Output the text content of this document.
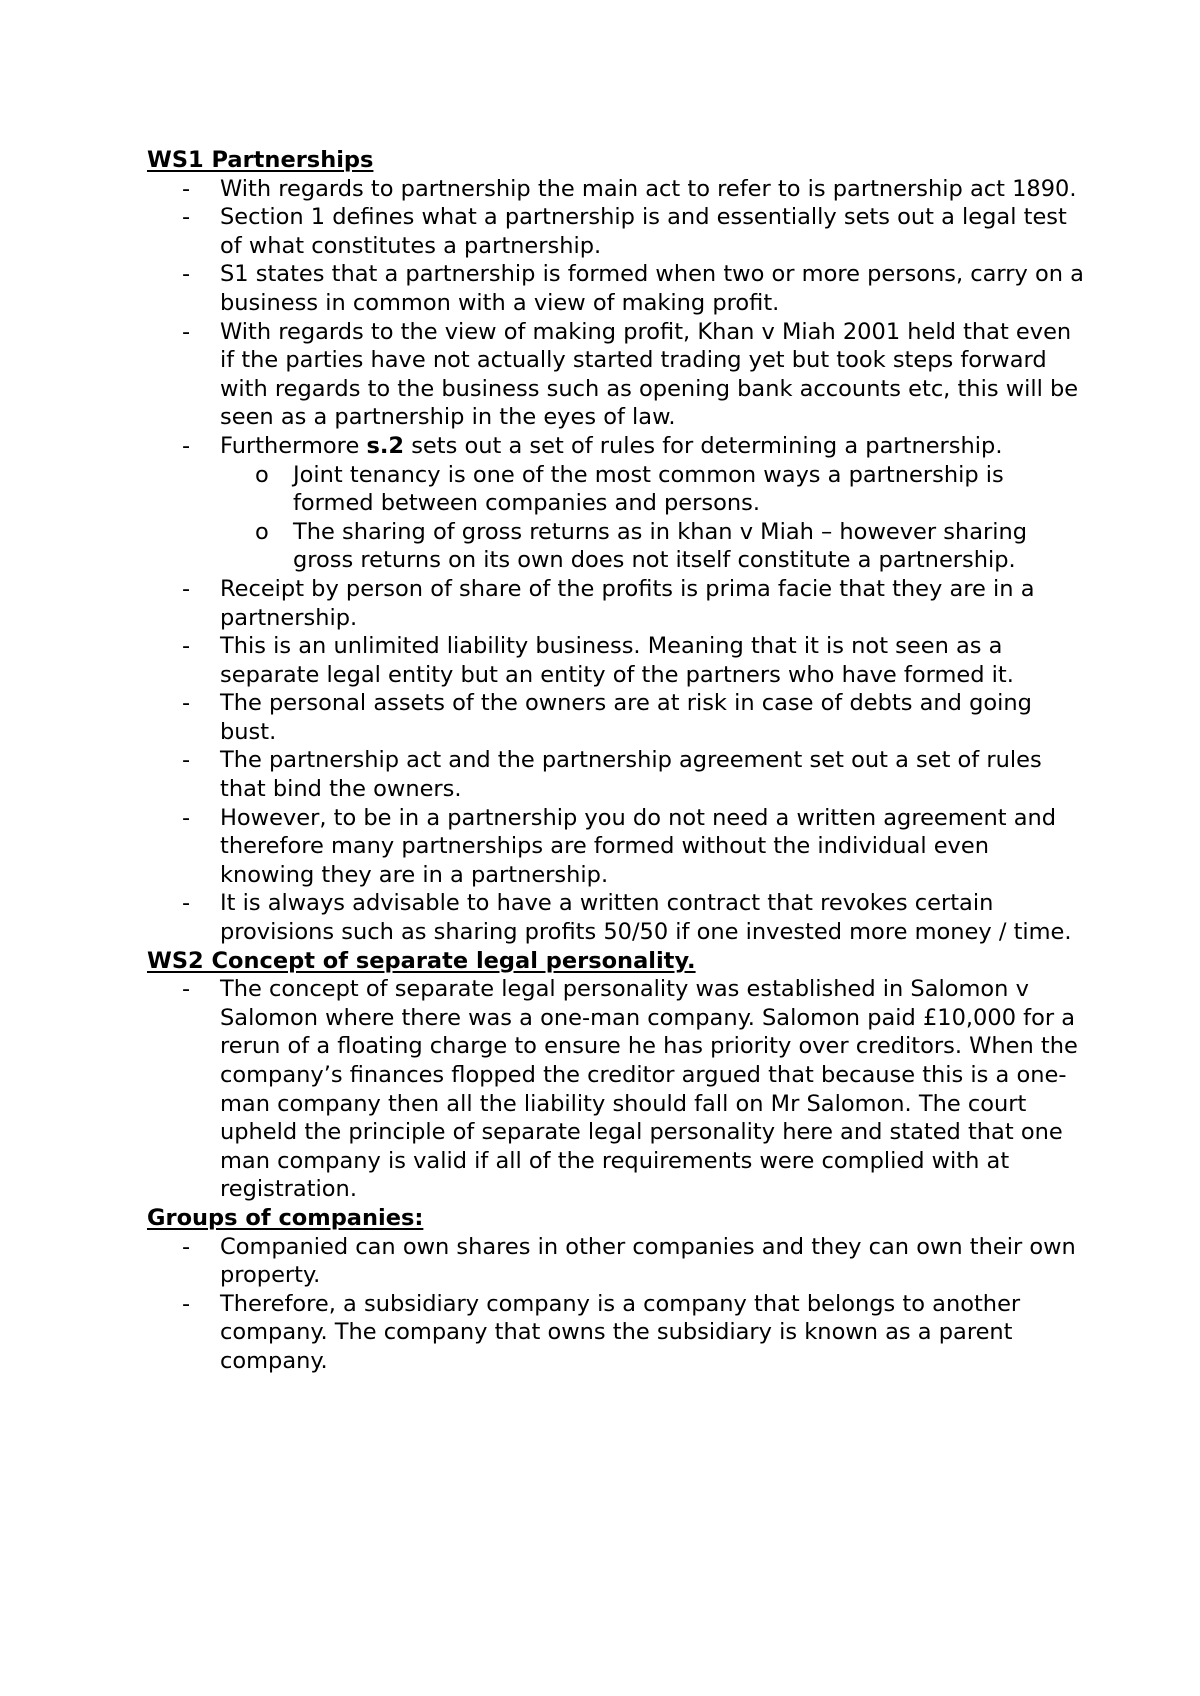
WS1 Partnerships
- With regards to partnership the main act to refer to is partnership act 1890.
- Section 1 defines what a partnership is and essentially sets out a legal test of what constitutes a partnership.
- S1 states that a partnership is formed when two or more persons, carry on a business in common with a view of making profit.
- With regards to the view of making profit, Khan v Miah 2001 held that even if the parties have not actually started trading yet but took steps forward with regards to the business such as opening bank accounts etc, this will be seen as a partnership in the eyes of law.
- Furthermore s.2 sets out a set of rules for determining a partnership.
o Joint tenancy is one of the most common ways a partnership is formed between companies and persons.
o The sharing of gross returns as in khan v Miah – however sharing gross returns on its own does not itself constitute a partnership.
- Receipt by person of share of the profits is prima facie that they are in a partnership.
- This is an unlimited liability business. Meaning that it is not seen as a separate legal entity but an entity of the partners who have formed it.
- The personal assets of the owners are at risk in case of debts and going bust.
- The partnership act and the partnership agreement set out a set of rules that bind the owners.
- However, to be in a partnership you do not need a written agreement and therefore many partnerships are formed without the individual even knowing they are in a partnership.
- It is always advisable to have a written contract that revokes certain provisions such as sharing profits 50/50 if one invested more money / time.
WS2 Concept of separate legal personality.
- The concept of separate legal personality was established in Salomon v Salomon where there was a one-man company. Salomon paid £10,000 for a rerun of a floating charge to ensure he has priority over creditors. When the company’s finances flopped the creditor argued that because this is a one-man company then all the liability should fall on Mr Salomon. The court upheld the principle of separate legal personality here and stated that one man company is valid if all of the requirements were complied with at registration.
Groups of companies:
- Companied can own shares in other companies and they can own their own property.
- Therefore, a subsidiary company is a company that belongs to another company. The company that owns the subsidiary is known as a parent company.
